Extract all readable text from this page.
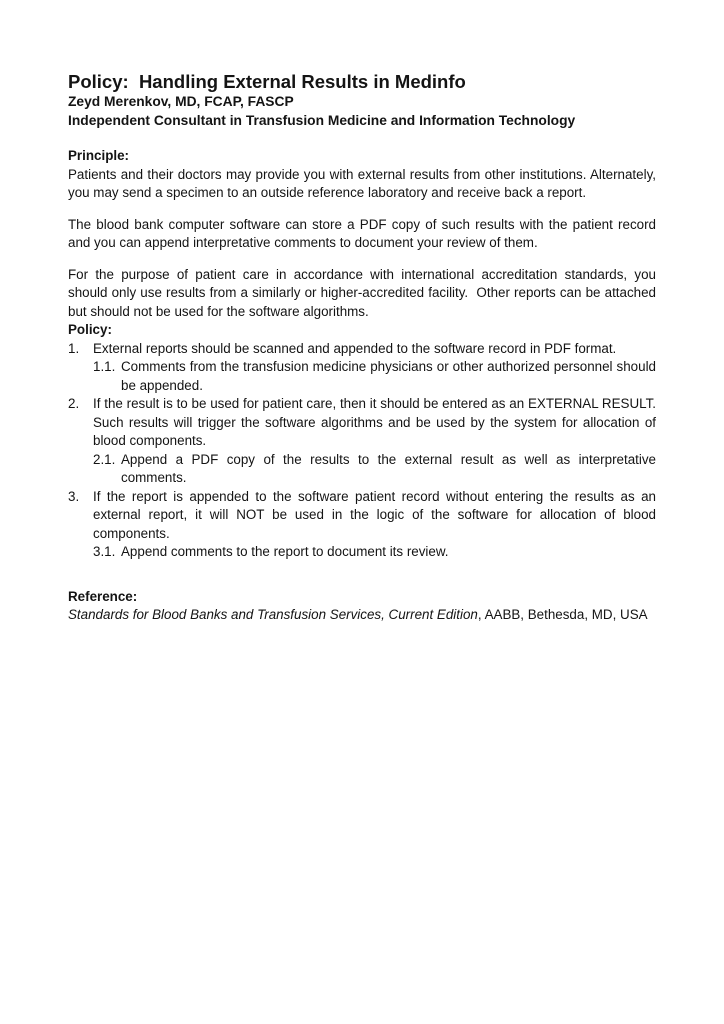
Policy:  Handling External Results in Medinfo
Zeyd Merenkov, MD, FCAP, FASCP
Independent Consultant in Transfusion Medicine and Information Technology
Principle:

Patients and their doctors may provide you with external results from other institutions. Alternately, you may send a specimen to an outside reference laboratory and receive back a report.

The blood bank computer software can store a PDF copy of such results with the patient record and you can append interpretative comments to document your review of them.

For the purpose of patient care in accordance with international accreditation standards, you should only use results from a similarly or higher-accredited facility.  Other reports can be attached but should not be used for the software algorithms.

Policy:
1.	External reports should be scanned and appended to the software record in PDF format.
1.1. Comments from the transfusion medicine physicians or other authorized personnel should be appended.
2.	If the result is to be used for patient care, then it should be entered as an EXTERNAL RESULT.  Such results will trigger the software algorithms and be used by the system for allocation of blood components.
2.1. Append a PDF copy of the results to the external result as well as interpretative comments.
3.	If the report is appended to the software patient record without entering the results as an external report, it will NOT be used in the logic of the software for allocation of blood components.
3.1. Append comments to the report to document its review.
Reference:

Standards for Blood Banks and Transfusion Services, Current Edition, AABB, Bethesda, MD, USA
